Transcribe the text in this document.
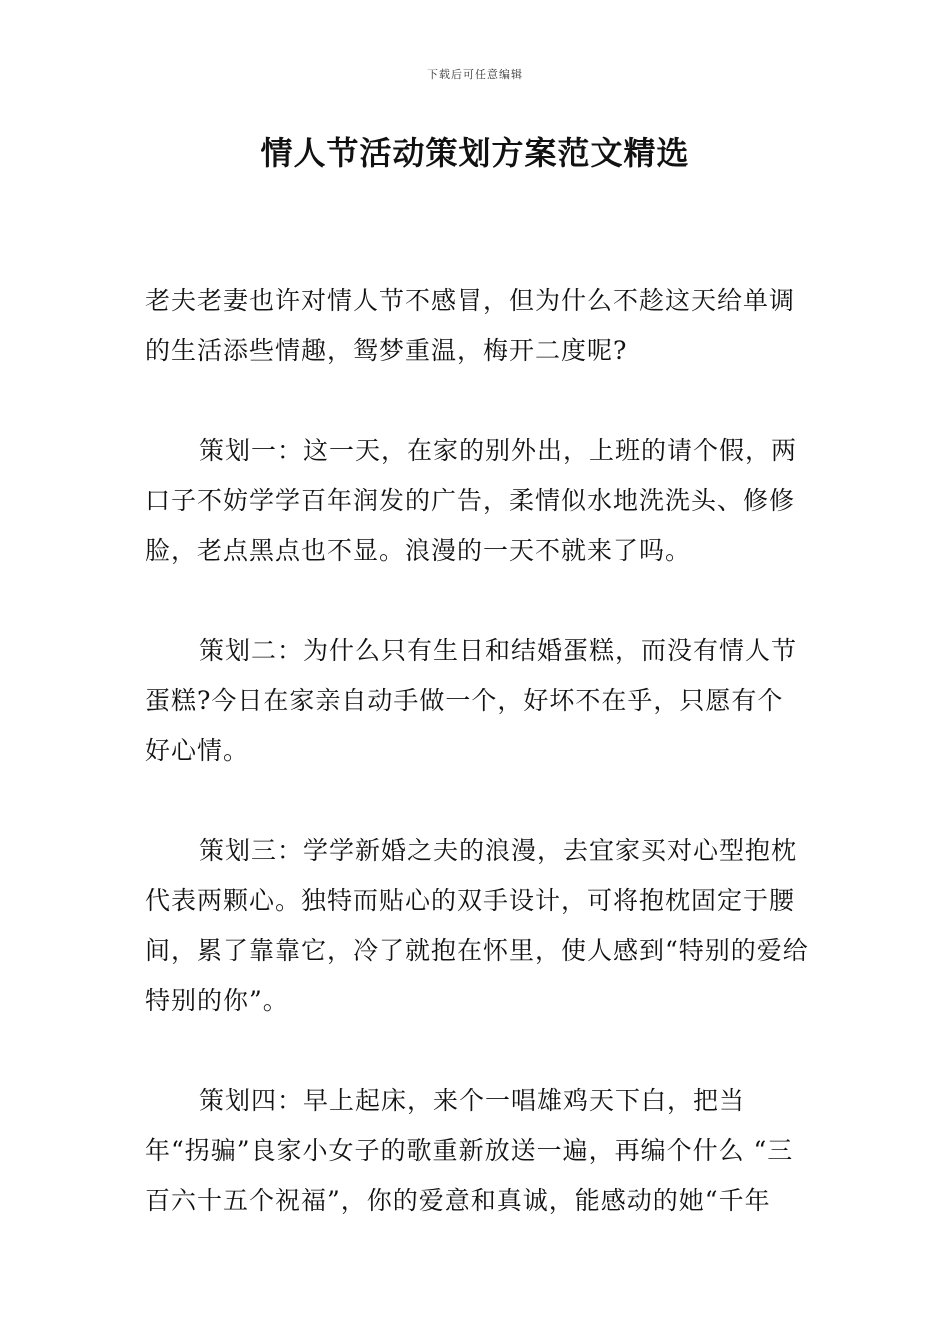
下载后可任意编辑
情人节活动策划方案范文精选

老夫老妻也许对情人节不感冒，但为什么不趁这天给单调的生活添些情趣，鸳梦重温，梅开二度呢?

策划一：这一天，在家的别外出，上班的请个假，两口子不妨学学百年润发的广告，柔情似水地洗洗头、修修脸，老点黑点也不显。浪漫的一天不就来了吗。

策划二：为什么只有生日和结婚蛋糕，而没有情人节蛋糕?今日在家亲自动手做一个，好坏不在乎，只愿有个好心情。

策划三：学学新婚之夫的浪漫，去宜家买对心型抱枕代表两颗心。独特而贴心的双手设计，可将抱枕固定于腰间，累了靠靠它，冷了就抱在怀里，使人感到“特别的爱给特别的你”。

策划四：早上起床，来个一唱雄鸡天下白，把当年“拐骗”良家小女子的歌重新放送一遍，再编个什么 “三百六十五个祝福”，你的爱意和真诚，能感动的她“千年
